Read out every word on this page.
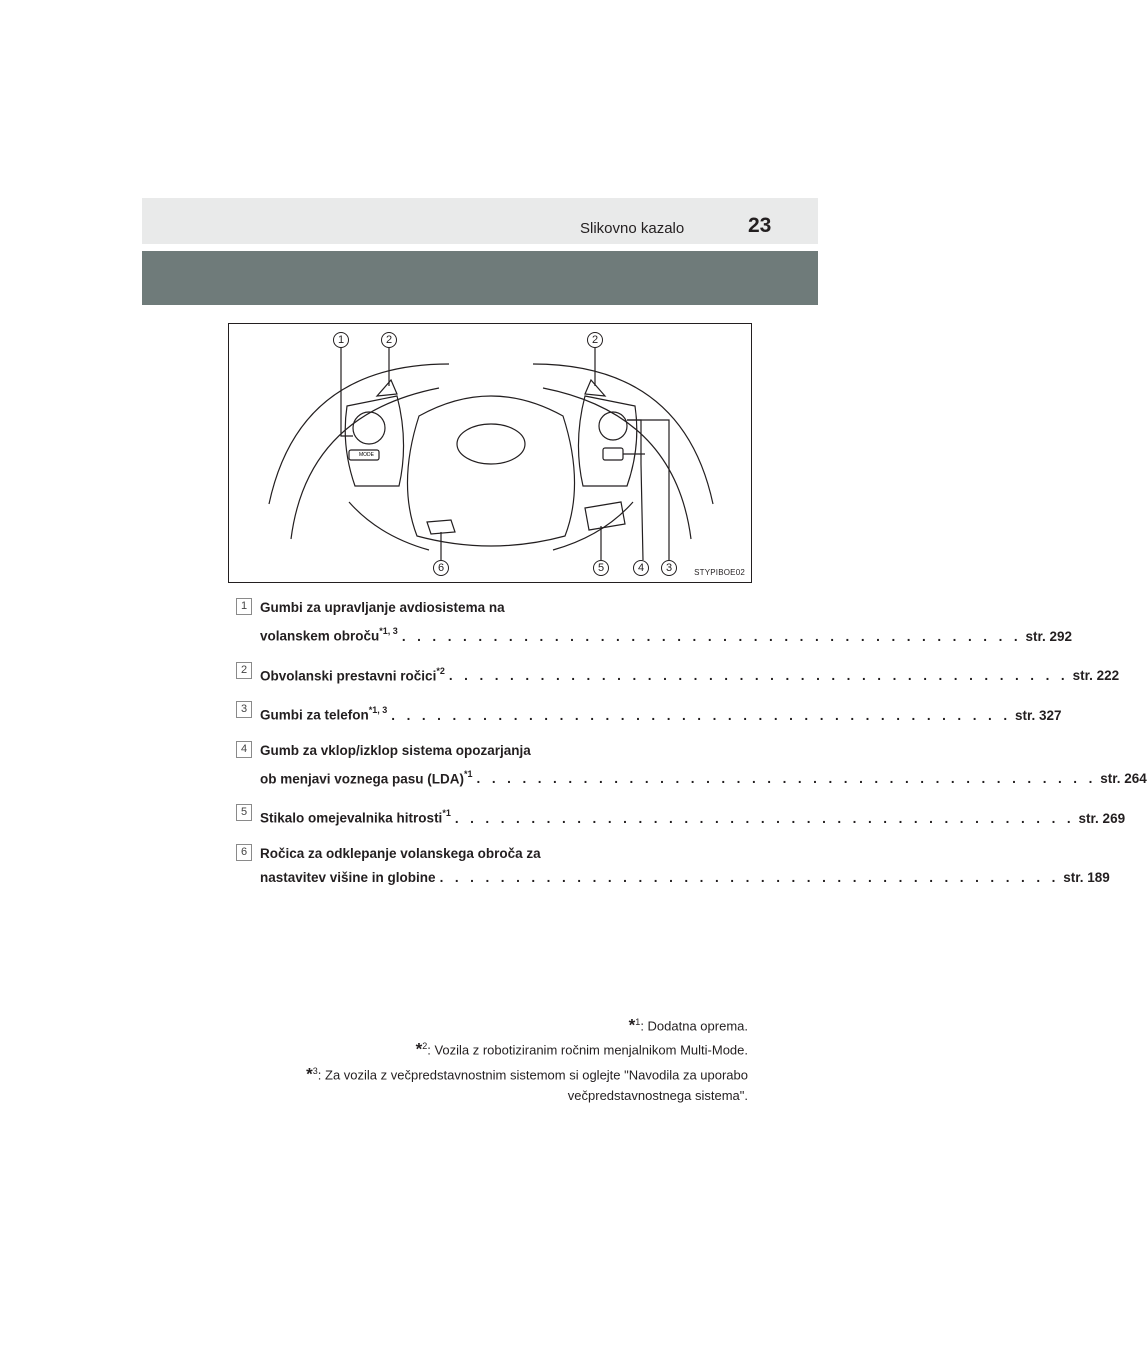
Slikovno kazalo	23
MODE
1	2	2
6	5	4	3	STYPIBOE02
1 Gumbi za upravljanje avdiosistema na
volanskem obroču$^{*1, 3}$ . . . . . . . . . . . . . . . . . . . . . . . . . . . . . . . . . . . . . . . . . str. 292
2 Obvolanski prestavni ročici$^{*2}$ . . . . . . . . . . . . . . . . . . . . . . . . . . . . . . . . . . . . . . . . . str. 222
3 Gumbi za telefon$^{*1, 3}$ . . . . . . . . . . . . . . . . . . . . . . . . . . . . . . . . . . . . . . . . . str. 327
4 Gumb za vklop/izklop sistema opozarjanja
ob menjavi voznega pasu (LDA)$^{*1}$ . . . . . . . . . . . . . . . . . . . . . . . . . . . . . . . . . . . . . . . . . str. 264
5 Stikalo omejevalnika hitrosti$^{*1}$ . . . . . . . . . . . . . . . . . . . . . . . . . . . . . . . . . . . . . . . . . str. 269
6 Ročica za odklepanje volanskega obroča za
nastavitev višine in globine . . . . . . . . . . . . . . . . . . . . . . . . . . . . . . . . . . . . . . . . . str. 189
*$^1$: Dodatna oprema.
*$^2$: Vozila z robotiziranim ročnim menjalnikom Multi-Mode.
*$^3$: Za vozila z večpredstavnostnim sistemom si oglejte "Navodila za uporabo
večpredstavnostnega sistema".
